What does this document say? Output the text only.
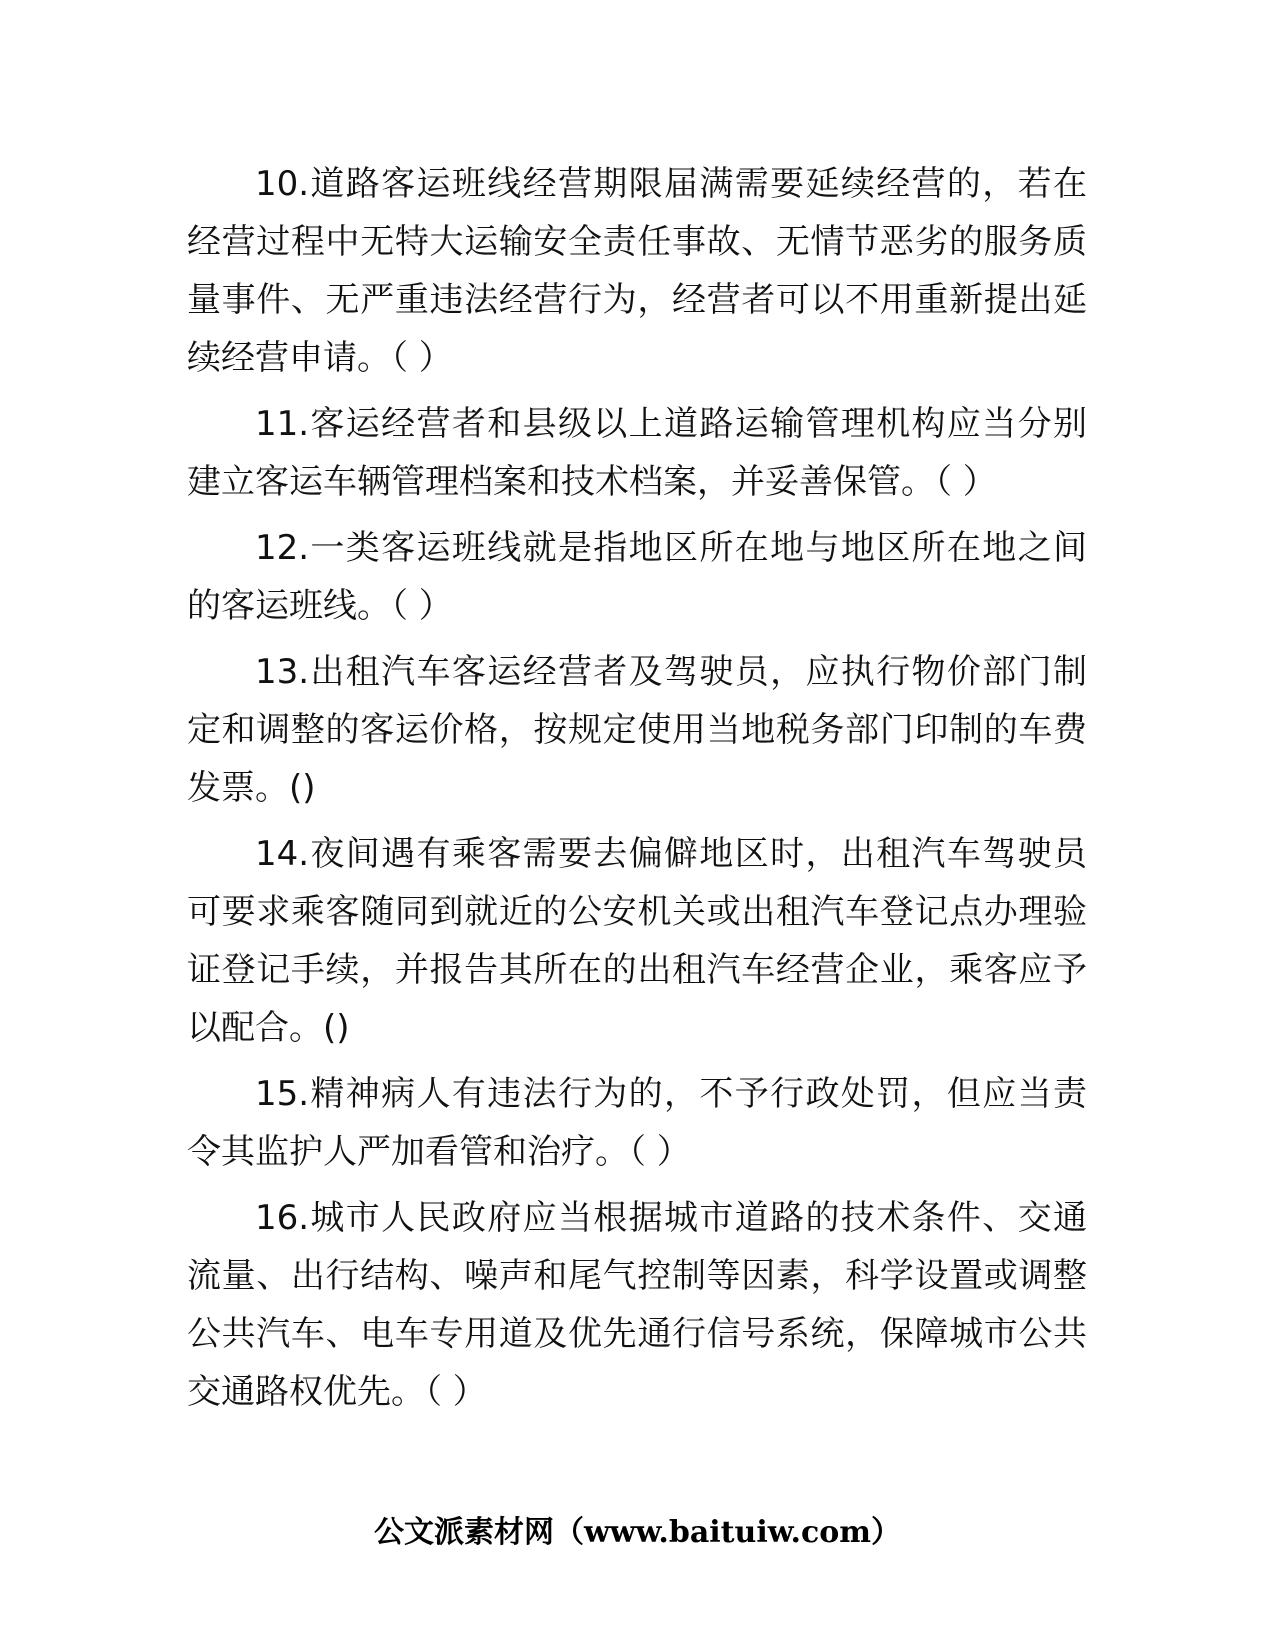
10.道路客运班线经营期限届满需要延续经营的，若在经营过程中无特大运输安全责任事故、无情节恶劣的服务质量事件、无严重违法经营行为，经营者可以不用重新提出延续经营申请。（ ）

11.客运经营者和县级以上道路运输管理机构应当分别建立客运车辆管理档案和技术档案，并妥善保管。（ ）

12.一类客运班线就是指地区所在地与地区所在地之间的客运班线。（ ）

13.出租汽车客运经营者及驾驶员，应执行物价部门制定和调整的客运价格，按规定使用当地税务部门印制的车费发票。()

14.夜间遇有乘客需要去偏僻地区时，出租汽车驾驶员可要求乘客随同到就近的公安机关或出租汽车登记点办理验证登记手续，并报告其所在的出租汽车经营企业，乘客应予以配合。()

15.精神病人有违法行为的，不予行政处罚，但应当责令其监护人严加看管和治疗。（ ）

16.城市人民政府应当根据城市道路的技术条件、交通流量、出行结构、噪声和尾气控制等因素，科学设置或调整公共汽车、电车专用道及优先通行信号系统，保障城市公共交通路权优先。（ ）

公文派素材网（www.baituiw.com）
